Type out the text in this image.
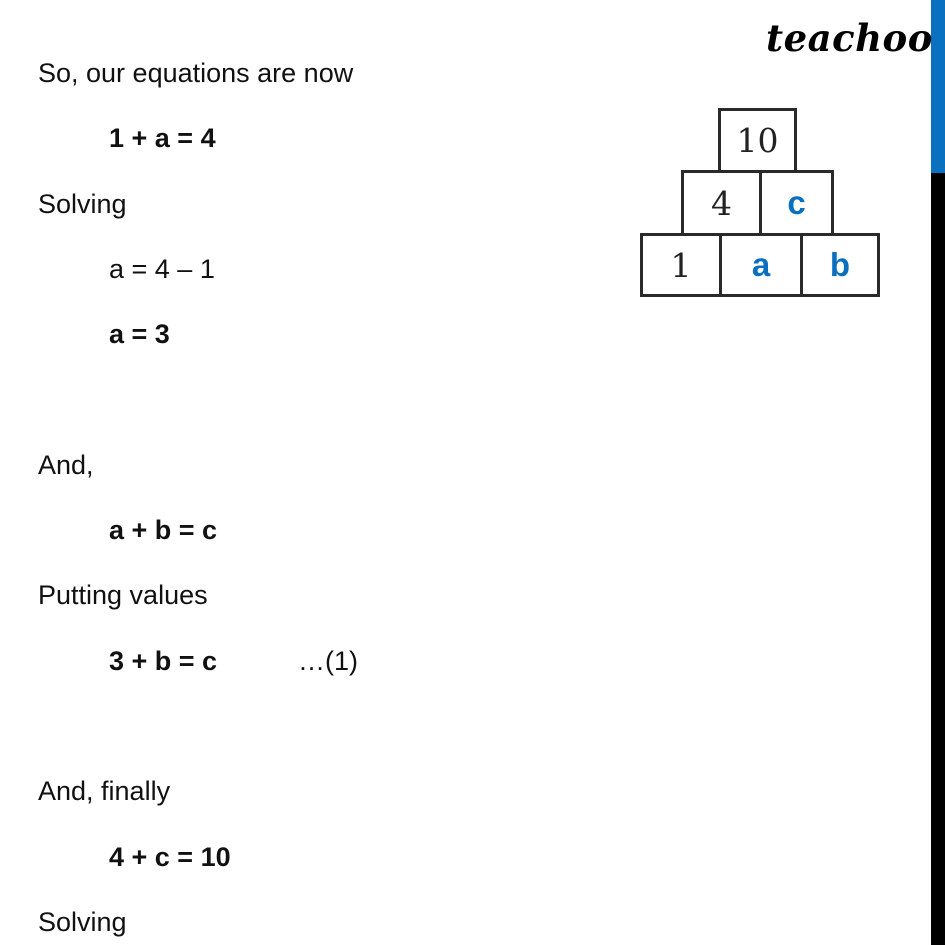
teachoo
So, our equations are now
1 + a = 4
Solving
a = 4 – 1
a = 3
And,
a + b = c
Putting values
3 + b = c	…(1)
And, finally
4 + c = 10
Solving
10
4	c
1	a	b
